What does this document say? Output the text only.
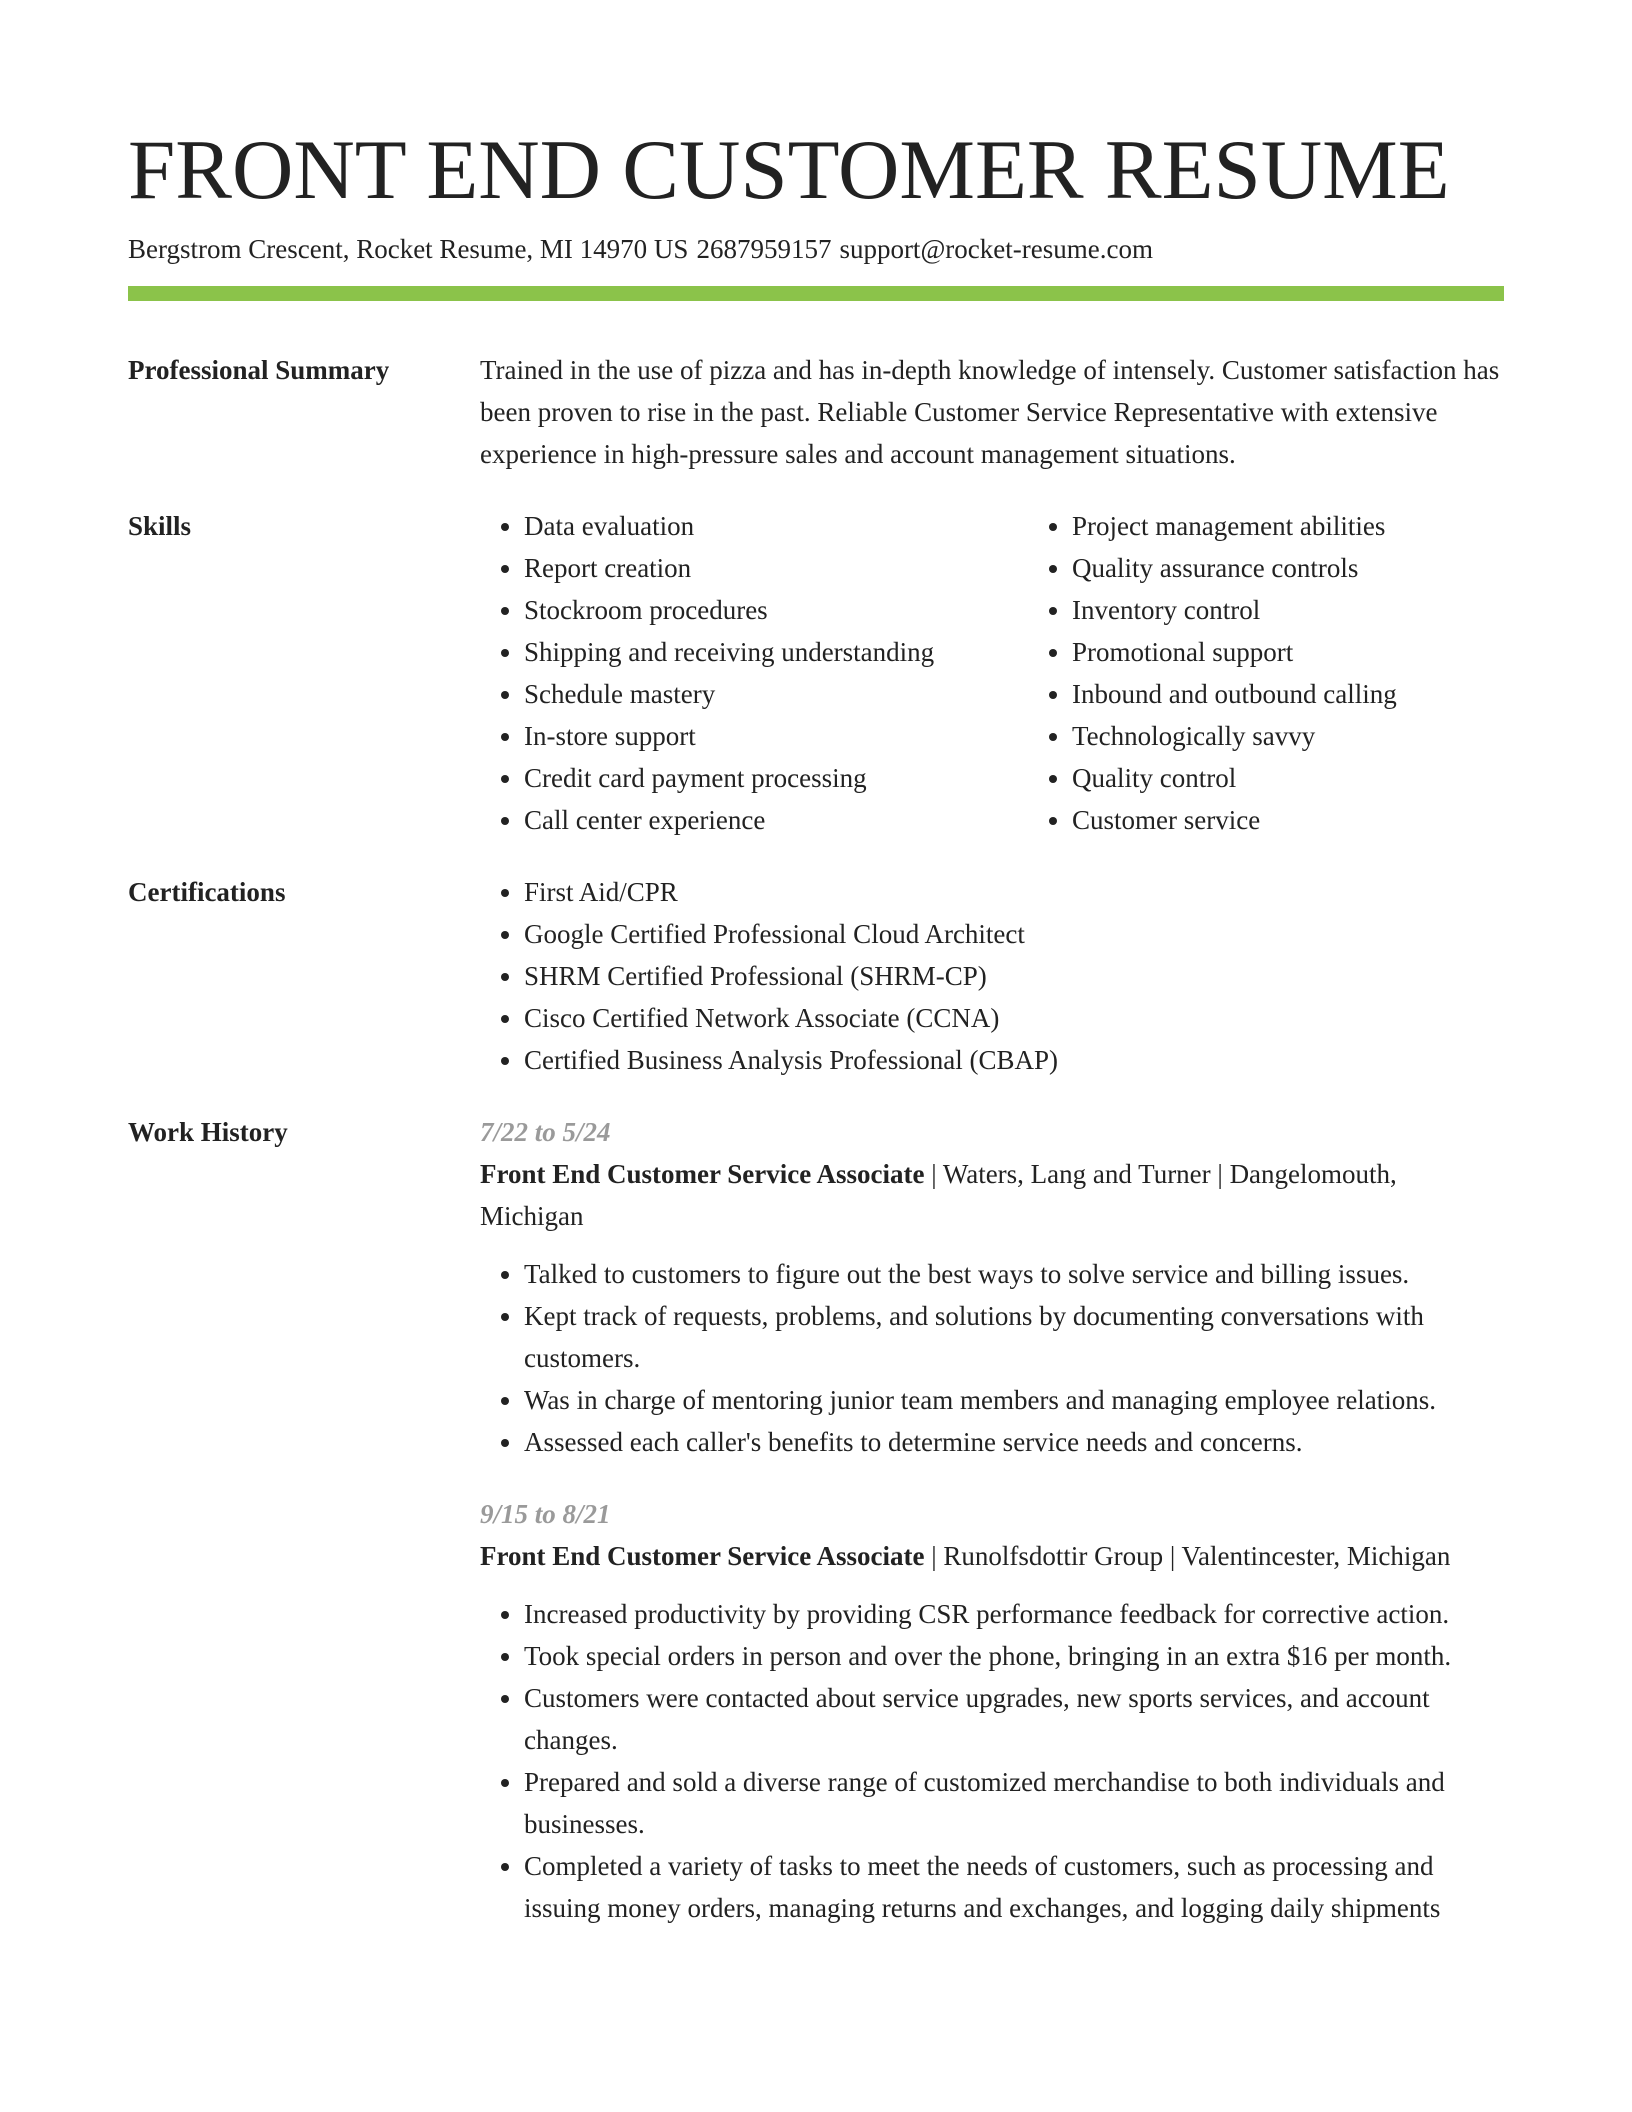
FRONT END CUSTOMER RESUME
Bergstrom Crescent, Rocket Resume, MI 14970 US 2687959157 support@rocket-resume.com
Professional Summary	Trained in the use of pizza and has in-depth knowledge of intensely. Customer satisfaction has been proven to rise in the past. Reliable Customer Service Representative with extensive experience in high-pressure sales and account management situations.

Skills	• Data evaluation
• Report creation
• Stockroom procedures
• Shipping and receiving understanding
• Schedule mastery
• In-store support
• Credit card payment processing
• Call center experience
• Project management abilities
• Quality assurance controls
• Inventory control
• Promotional support
• Inbound and outbound calling
• Technologically savvy
• Quality control
• Customer service
Certifications	• First Aid/CPR
• Google Certified Professional Cloud Architect
• SHRM Certified Professional (SHRM-CP)
• Cisco Certified Network Associate (CCNA)
• Certified Business Analysis Professional (CBAP)
Work History	7/22 to 5/24
Front End Customer Service Associate | Waters, Lang and Turner | Dangelomouth, Michigan
• Talked to customers to figure out the best ways to solve service and billing issues.
• Kept track of requests, problems, and solutions by documenting conversations with customers.
• Was in charge of mentoring junior team members and managing employee relations.
• Assessed each caller's benefits to determine service needs and concerns.
9/15 to 8/21
Front End Customer Service Associate | Runolfsdottir Group | Valentincester, Michigan
• Increased productivity by providing CSR performance feedback for corrective action.
• Took special orders in person and over the phone, bringing in an extra $16 per month.
• Customers were contacted about service upgrades, new sports services, and account changes.
• Prepared and sold a diverse range of customized merchandise to both individuals and businesses.
• Completed a variety of tasks to meet the needs of customers, such as processing and issuing money orders, managing returns and exchanges, and logging daily shipments
